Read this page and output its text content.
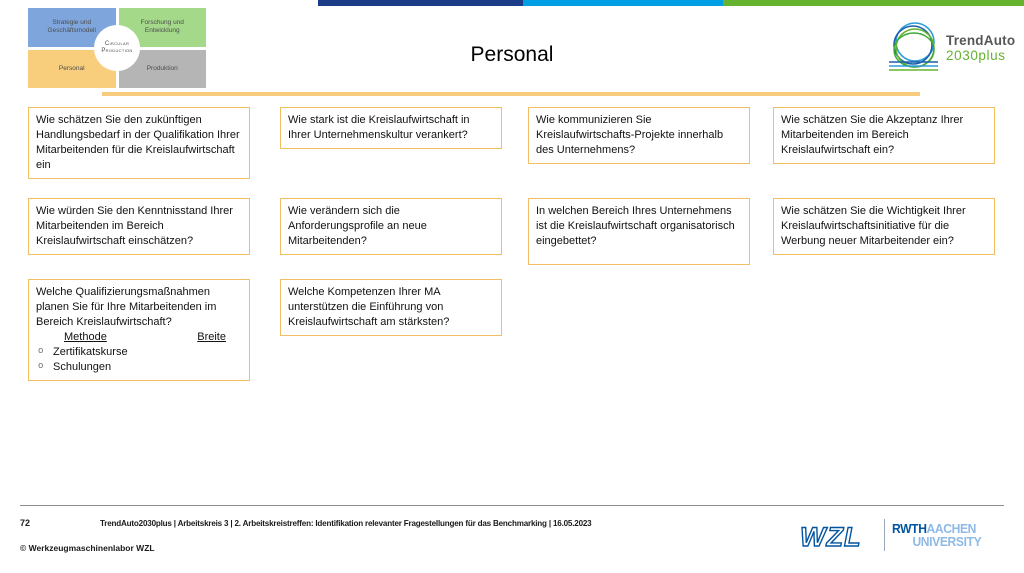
Strategie und Geschäftsmodell
Forschung und Entwicklung
Personal	Produktion
Circular
Production	Personal
TrendAuto
2030plus
Wie schätzen Sie den zukünftigen Handlungsbedarf in der Qualifikation Ihrer Mitarbeitenden für die Kreislaufwirtschaft ein
Wie stark ist die Kreislaufwirtschaft in Ihrer Unternehmenskultur verankert?
Wie kommunizieren Sie Kreislaufwirtschafts-Projekte innerhalb des Unternehmens?
Wie schätzen Sie die Akzeptanz Ihrer Mitarbeitenden im Bereich Kreislaufwirtschaft ein?
Wie würden Sie den Kenntnisstand Ihrer Mitarbeitenden im Bereich Kreislaufwirtschaft einschätzen?
Wie verändern sich die Anforderungsprofile an neue Mitarbeitenden?
In welchen Bereich Ihres Unternehmens ist die Kreislaufwirtschaft organisatorisch eingebettet?
Wie schätzen Sie die Wichtigkeit Ihrer Kreislaufwirtschaftsinitiative für die Werbung neuer Mitarbeitender ein?
Welche Qualifizierungsmaßnahmen planen Sie für Ihre Mitarbeitenden im Bereich Kreislaufwirtschaft?
Methode	Breite
o Zertifikatskurse
o Schulungen
Welche Kompetenzen Ihrer MA unterstützen die Einführung von Kreislaufwirtschaft am stärksten?
72	TrendAuto2030plus | Arbeitskreis 3 | 2. Arbeitskreistreffen: Identifikation relevanter Fragestellungen für das Benchmarking | 16.05.2023
© Werkzeugmaschinenlabor WZL	WZL RWTHAACHEN
UNIVERSITY
